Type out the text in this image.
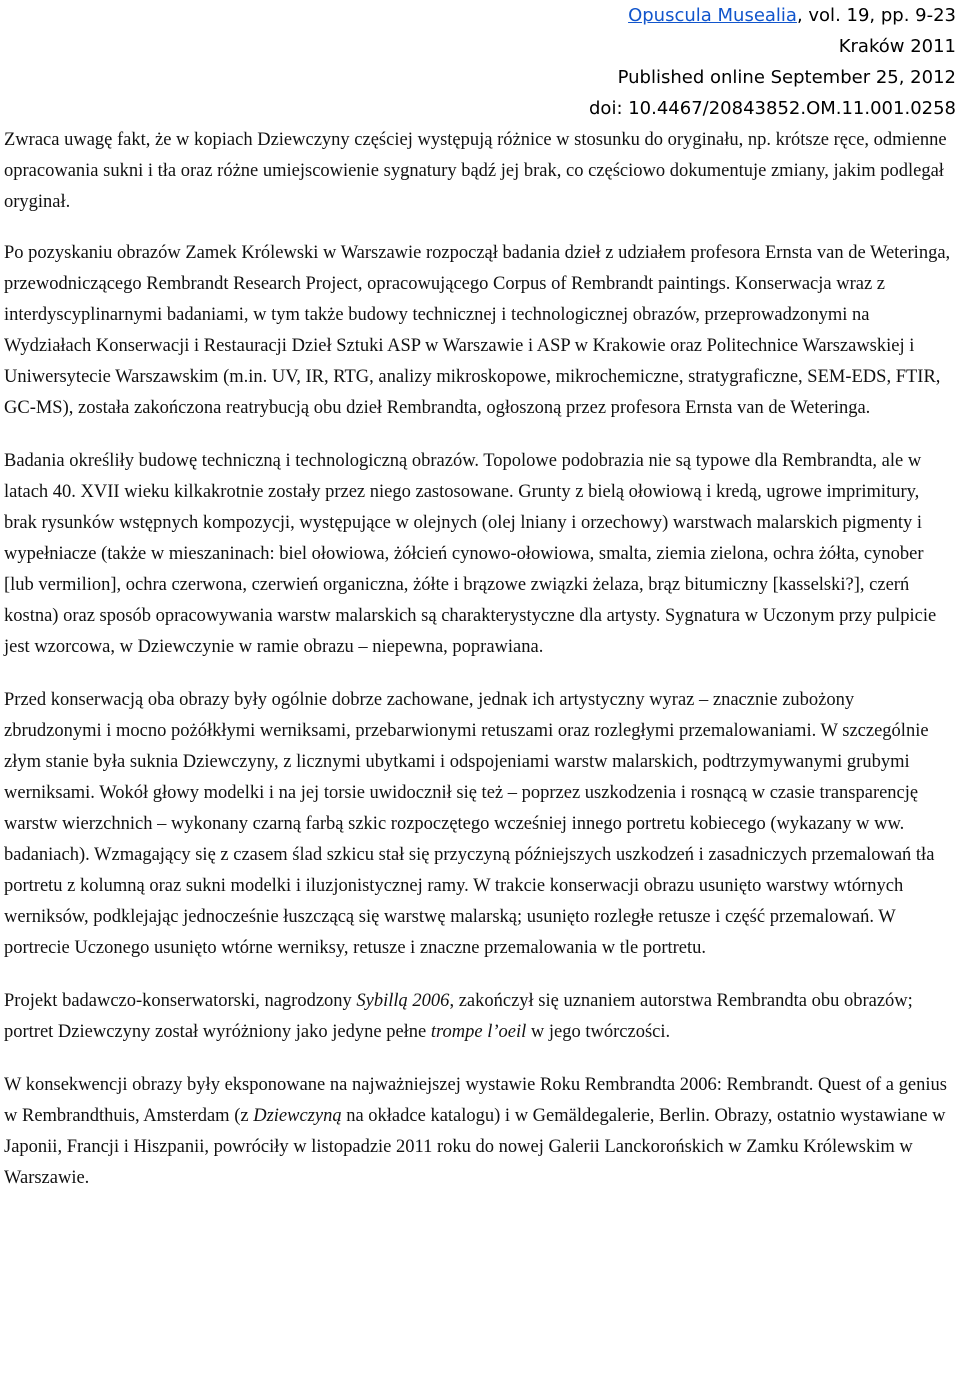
Opuscula Musealia, vol. 19, pp. 9-23
Kraków 2011
Published online September 25, 2012
doi: 10.4467/20843852.OM.11.001.0258

Zwraca uwagę fakt, że w kopiach Dziewczyny częściej występują różnice w stosunku do oryginału, np. krótsze ręce, odmienne opracowania sukni i tła oraz różne umiejscowienie sygnatury bądź jej brak, co częściowo dokumentuje zmiany, jakim podlegał oryginał.

Po pozyskaniu obrazów Zamek Królewski w Warszawie rozpoczął badania dzieł z udziałem profesora Ernsta van de Weteringa, przewodniczącego Rembrandt Research Project, opracowującego Corpus of Rembrandt paintings. Konserwacja wraz z interdyscyplinarnymi badaniami, w tym także budowy technicznej i technologicznej obrazów, przeprowadzonymi na Wydziałach Konserwacji i Restauracji Dzieł Sztuki ASP w Warszawie i ASP w Krakowie oraz Politechnice Warszawskiej i Uniwersytecie Warszawskim (m.in. UV, IR, RTG, analizy mikroskopowe, mikrochemiczne, stratygraficzne, SEM-EDS, FTIR, GC-MS), została zakończona reatrybucją obu dzieł Rembrandta, ogłoszoną przez profesora Ernsta van de Weteringa.

Badania określiły budowę techniczną i technologiczną obrazów. Topolowe podobrazia nie są typowe dla Rembrandta, ale w latach 40. XVII wieku kilkakrotnie zostały przez niego zastosowane. Grunty z bielą ołowiową i kredą, ugrowe imprimitury, brak rysunków wstępnych kompozycji, występujące w olejnych (olej lniany i orzechowy) warstwach malarskich pigmenty i wypełniacze (także w mieszaninach: biel ołowiowa, żółcień cynowo-ołowiowa, smalta, ziemia zielona, ochra żółta, cynober [lub vermilion], ochra czerwona, czerwień organiczna, żółte i brązowe związki żelaza, brąz bitumiczny [kasselski?], czerń kostna) oraz sposób opracowywania warstw malarskich są charakterystyczne dla artysty. Sygnatura w Uczonym przy pulpicie jest wzorcowa, w Dziewczynie w ramie obrazu – niepewna, poprawiana.

Przed konserwacją oba obrazy były ogólnie dobrze zachowane, jednak ich artystyczny wyraz – znacznie zubożony zbrudzonymi i mocno pożółkłymi werniksami, przebarwionymi retuszami oraz rozległymi przemalowaniami. W szczególnie złym stanie była suknia Dziewczyny, z licznymi ubytkami i odspojeniami warstw malarskich, podtrzymywanymi grubymi werniksami. Wokół głowy modelki i na jej torsie uwidocznił się też – poprzez uszkodzenia i rosnącą w czasie transparencję warstw wierzchnich – wykonany czarną farbą szkic rozpoczętego wcześniej innego portretu kobiecego (wykazany w ww. badaniach). Wzmagający się z czasem ślad szkicu stał się przyczyną późniejszych uszkodzeń i zasadniczych przemalowań tła portretu z kolumną oraz sukni modelki i iluzjonistycznej ramy. W trakcie konserwacji obrazu usunięto warstwy wtórnych werniksów, podklejając jednocześnie łuszczącą się warstwę malarską; usunięto rozległe retusze i część przemalowań. W portrecie Uczonego usunięto wtórne werniksy, retusze i znaczne przemalowania w tle portretu.

Projekt badawczo-konserwatorski, nagrodzony Sybillą 2006, zakończył się uznaniem autorstwa Rembrandta obu obrazów; portret Dziewczyny został wyróżniony jako jedyne pełne trompe l’oeil w jego twórczości.

W konsekwencji obrazy były eksponowane na najważniejszej wystawie Roku Rembrandta 2006: Rembrandt. Quest of a genius w Rembrandthuis, Amsterdam (z Dziewczyną na okładce katalogu) i w Gemäldegalerie, Berlin. Obrazy, ostatnio wystawiane w Japonii, Francji i Hiszpanii, powróciły w listopadzie 2011 roku do nowej Galerii Lanckorońskich w Zamku Królewskim w Warszawie.
